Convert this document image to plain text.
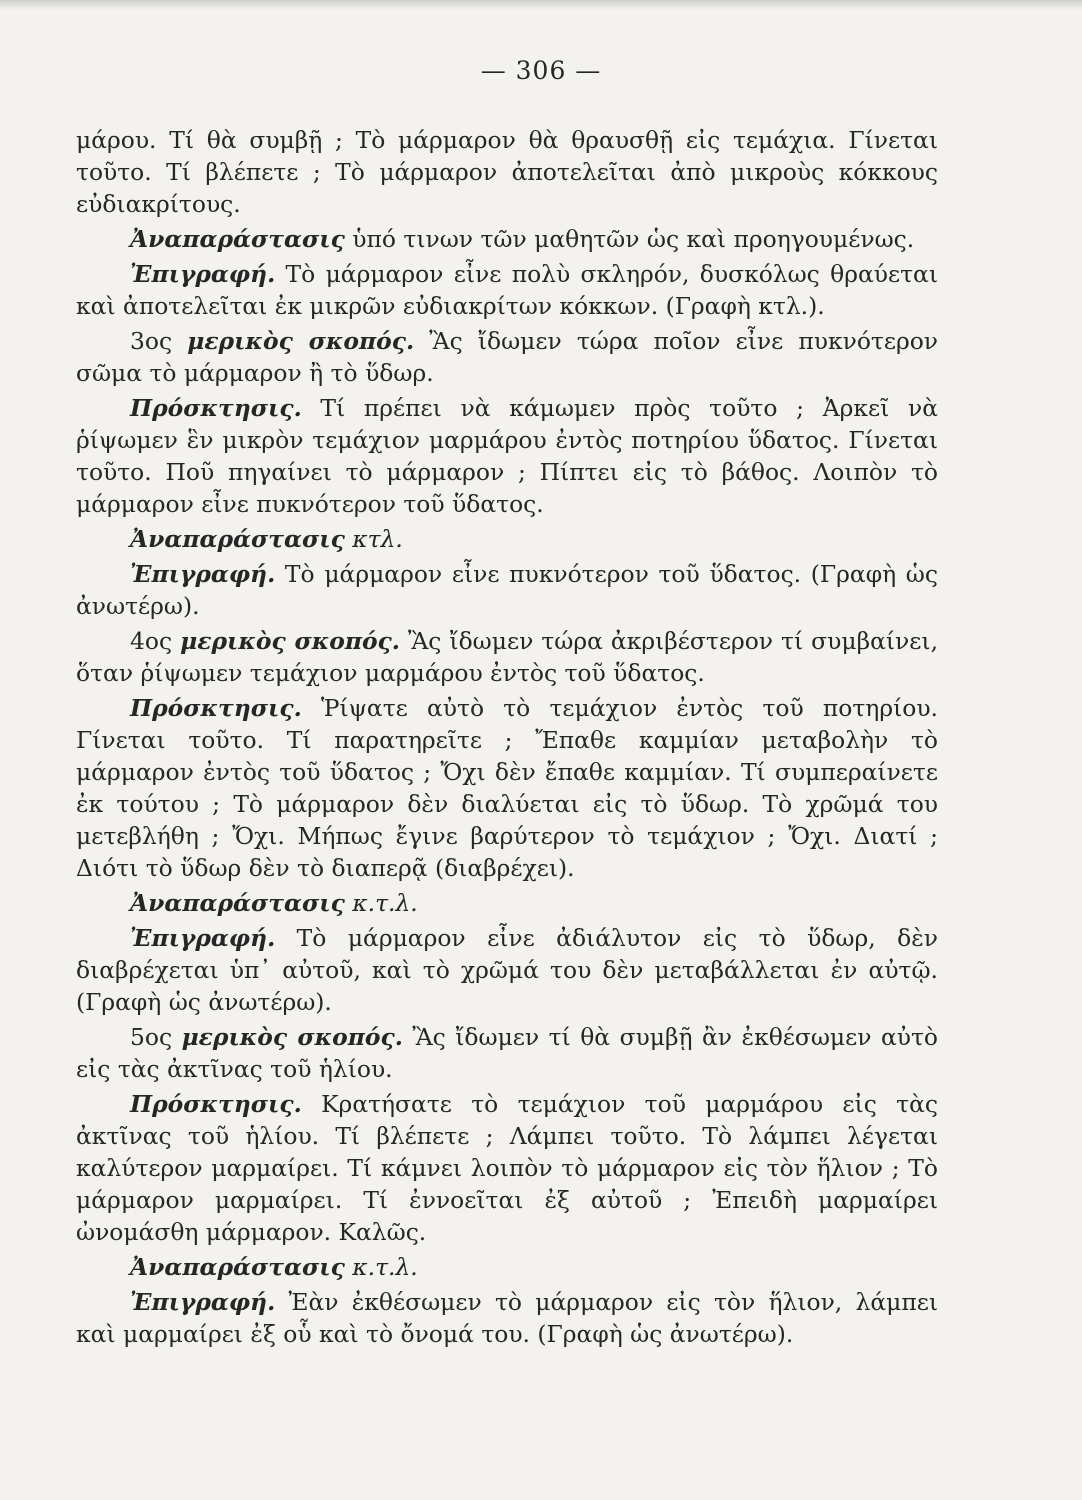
— 306 —

μάρου. Τί θὰ συμβῇ ; Τὸ μάρμαρον θὰ θραυσθῇ εἰς τεμάχια. Γίνεται τοῦτο. Τί βλέπετε ; Τὸ μάρμαρον ἀποτελεῖται ἀπὸ μικροὺς κόκκους εὐδιακρίτους.

Ἀναπαράστασις ὑπό τινων τῶν μαθητῶν ὡς καὶ προηγουμένως.

Ἐπιγραφή. Τὸ μάρμαρον εἶνε πολὺ σκληρόν, δυσκόλως θραύεται καὶ ἀποτελεῖται ἐκ μικρῶν εὐδιακρίτων κόκκων. (Γραφὴ κτλ.).

3ος μερικὸς σκοπός. Ἂς ἴδωμεν τώρα ποῖον εἶνε πυκνότερον σῶμα τὸ μάρμαρον ἢ τὸ ὕδωρ.

Πρόσκτησις. Τί πρέπει νὰ κάμωμεν πρὸς τοῦτο ; Ἀρκεῖ νὰ ῥίψωμεν ἓν μικρὸν τεμάχιον μαρμάρου ἐντὸς ποτηρίου ὕδατος. Γίνεται τοῦτο. Ποῦ πηγαίνει τὸ μάρμαρον ; Πίπτει εἰς τὸ βάθος. Λοιπὸν τὸ μάρμαρον εἶνε πυκνότερον τοῦ ὕδατος.

Ἀναπαράστασις κτλ.

Ἐπιγραφή. Τὸ μάρμαρον εἶνε πυκνότερον τοῦ ὕδατος. (Γραφὴ ὡς ἀνωτέρω).

4ος μερικὸς σκοπός. Ἂς ἴδωμεν τώρα ἀκριβέστερον τί συμβαίνει, ὅταν ῥίψωμεν τεμάχιον μαρμάρου ἐντὸς τοῦ ὕδατος.

Πρόσκτησις. Ῥίψατε αὐτὸ τὸ τεμάχιον ἐντὸς τοῦ ποτηρίου. Γίνεται τοῦτο. Τί παρατηρεῖτε ; Ἔπαθε καμμίαν μεταβολὴν τὸ μάρμαρον ἐντὸς τοῦ ὕδατος ; Ὄχι δὲν ἔπαθε καμμίαν. Τί συμπεραίνετε ἐκ τούτου ; Τὸ μάρμαρον δὲν διαλύεται εἰς τὸ ὕδωρ. Τὸ χρῶμά του μετεβλήθη ; Ὄχι. Μήπως ἔγινε βαρύτερον τὸ τεμάχιον ; Ὄχι. Διατί ; Διότι τὸ ὕδωρ δὲν τὸ διαπερᾷ (διαβρέχει).

Ἀναπαράστασις κ.τ.λ.

Ἐπιγραφή. Τὸ μάρμαρον εἶνε ἀδιάλυτον εἰς τὸ ὕδωρ, δὲν διαβρέχεται ὑπ᾽ αὐτοῦ, καὶ τὸ χρῶμά του δὲν μεταβάλλεται ἐν αὐτῷ. (Γραφὴ ὡς ἀνωτέρω).

5ος μερικὸς σκοπός. Ἂς ἴδωμεν τί θὰ συμβῇ ἂν ἐκθέσωμεν αὐτὸ εἰς τὰς ἀκτῖνας τοῦ ἡλίου.

Πρόσκτησις. Κρατήσατε τὸ τεμάχιον τοῦ μαρμάρου εἰς τὰς ἀκτῖνας τοῦ ἡλίου. Τί βλέπετε ; Λάμπει τοῦτο. Τὸ λάμπει λέγεται καλύτερον μαρμαίρει. Τί κάμνει λοιπὸν τὸ μάρμαρον εἰς τὸν ἥλιον ; Τὸ μάρμαρον μαρμαίρει. Τί ἐννοεῖται ἐξ αὐτοῦ ; Ἐπειδὴ μαρμαίρει ὠνομάσθη μάρμαρον. Καλῶς.

Ἀναπαράστασις κ.τ.λ.

Ἐπιγραφή. Ἐὰν ἐκθέσωμεν τὸ μάρμαρον εἰς τὸν ἥλιον, λάμπει καὶ μαρμαίρει ἐξ οὗ καὶ τὸ ὄνομά του. (Γραφὴ ὡς ἀνωτέρω).
